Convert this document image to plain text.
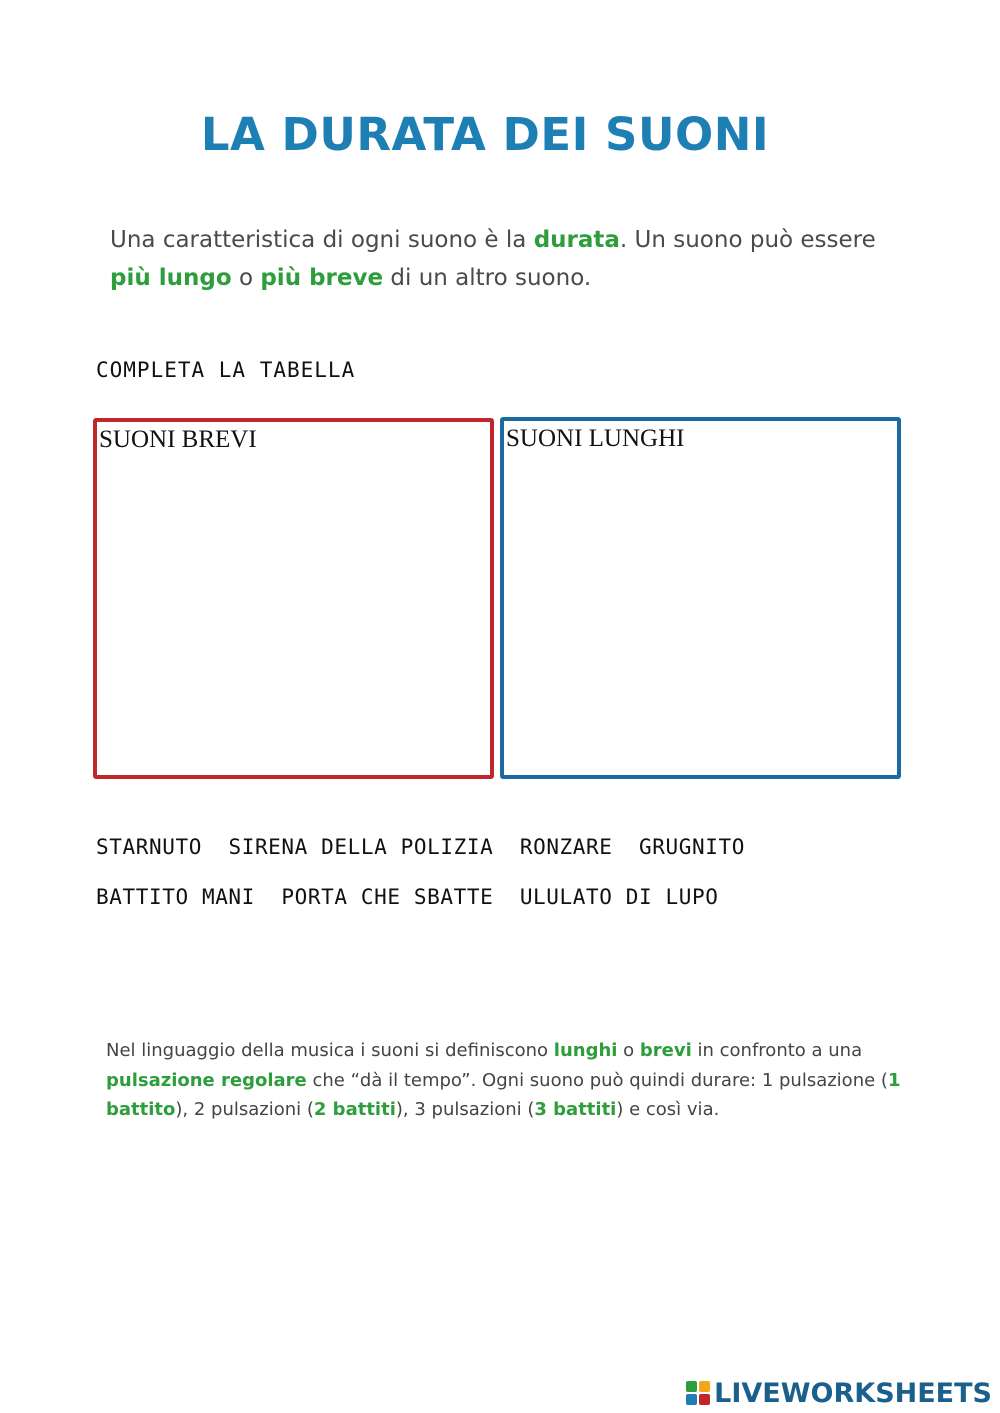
LA DURATA DEI SUONI
Una caratteristica di ogni suono è la durata. Un suono può essere
più lungo o più breve di un altro suono.
COMPLETA LA TABELLA
SUONI BREVI	SUONI LUNGHI
STARNUTO SIRENA DELLA POLIZIA RONZARE GRUGNITO
BATTITO MANI PORTA CHE SBATTE ULULATO DI LUPO
Nel linguaggio della musica i suoni si definiscono lunghi o brevi in confronto a una pulsazione regolare che “dà il tempo”. Ogni suono può quindi durare: 1 pulsazione (1 battito), 2 pulsazioni (2 battiti), 3 pulsazioni (3 battiti) e così via.
LIVEWORKSHEETS
